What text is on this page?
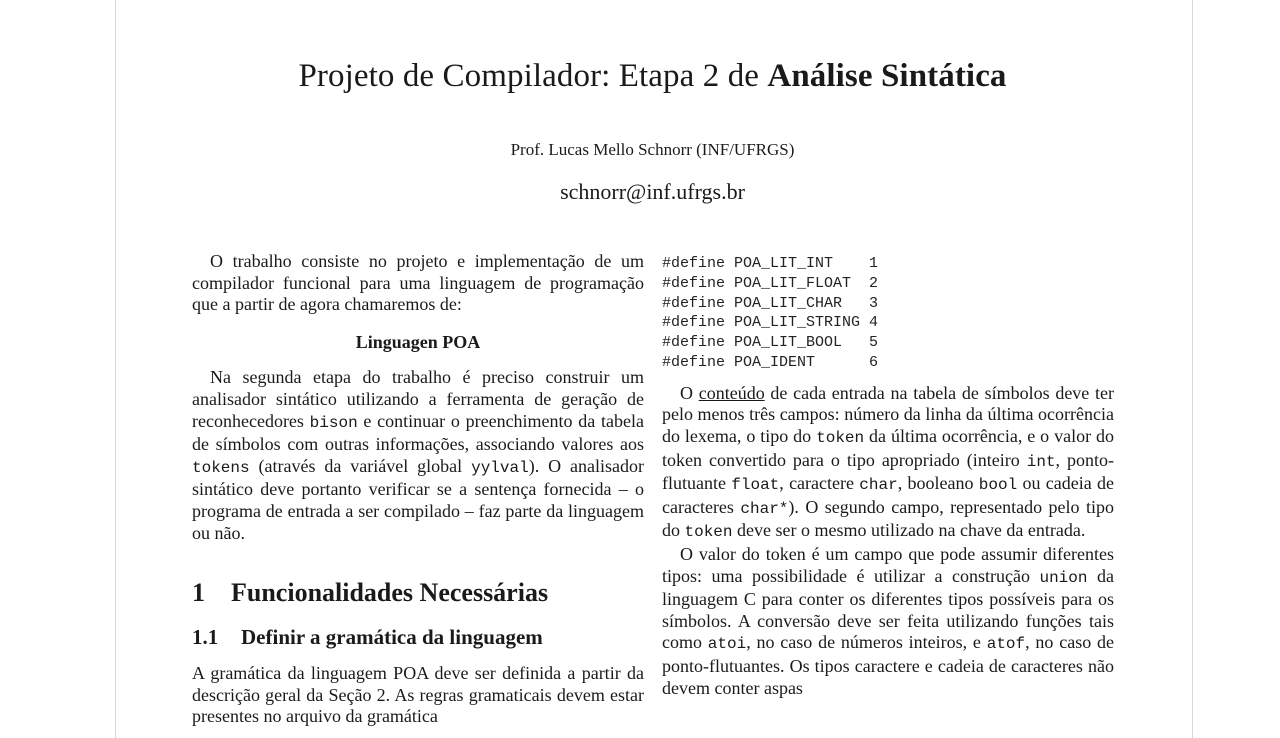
Projeto de Compilador: Etapa 2 de Análise Sintática
Prof. Lucas Mello Schnorr (INF/UFRGS)
schnorr@inf.ufrgs.br

O trabalho consiste no projeto e implementação de um compilador funcional para uma linguagem de programação que a partir de agora chamaremos de:

Linguagen POA

Na segunda etapa do trabalho é preciso construir um analisador sintático utilizando a ferramenta de geração de reconhecedores bison e continuar o preenchimento da tabela de símbolos com outras informações, associando valores aos tokens (através da variável global yylval). O analisador sintático deve portanto verificar se a sentença fornecida – o programa de entrada a ser compilado – faz parte da linguagem ou não.

1 Funcionalidades Necessárias
1.1 Definir a gramática da linguagem

A gramática da linguagem POA deve ser definida a partir da descrição geral da Seção 2. As regras gramaticais devem estar presentes no arquivo da gramática

#define POA_LIT_INT    1
#define POA_LIT_FLOAT  2
#define POA_LIT_CHAR   3
#define POA_LIT_STRING 4
#define POA_LIT_BOOL   5
#define POA_IDENT      6

O conteúdo de cada entrada na tabela de símbolos deve ter pelo menos três campos: número da linha da última ocorrência do lexema, o tipo do token da última ocorrência, e o valor do token convertido para o tipo apropriado (inteiro int, ponto-flutuante float, caractere char, booleano bool ou cadeia de caracteres char*). O segundo campo, representado pelo tipo do token deve ser o mesmo utilizado na chave da entrada.

O valor do token é um campo que pode assumir diferentes tipos: uma possibilidade é utilizar a construção union da linguagem C para conter os diferentes tipos possíveis para os símbolos. A conversão deve ser feita utilizando funções tais como atoi, no caso de números inteiros, e atof, no caso de ponto-flutuantes. Os tipos caractere e cadeia de caracteres não devem conter aspas
